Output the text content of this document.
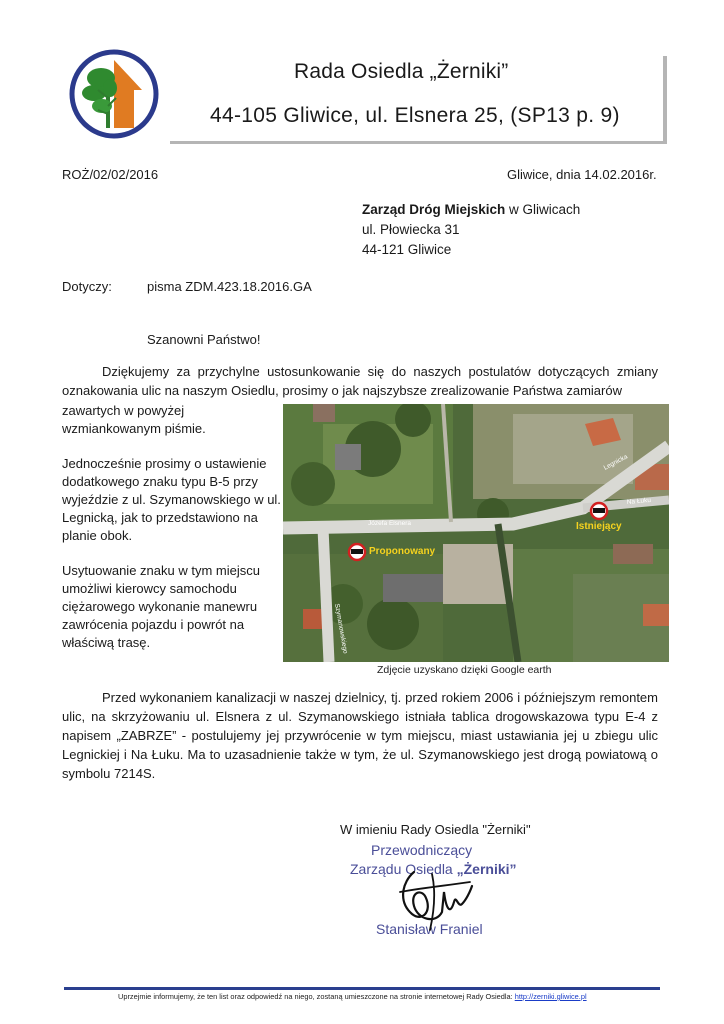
Rada Osiedla „Żerniki”
44-105 Gliwice, ul. Elsnera 25, (SP13 p. 9)
ROŻ/02/02/2016	Gliwice, dnia 14.02.2016r.
Zarząd Dróg Miejskich w Gliwicach
ul. Płowiecka 31
44-121 Gliwice
Dotyczy:	pisma ZDM.423.18.2016.GA
Szanowni Państwo!
Dziękujemy za przychylne ustosunkowanie się do naszych postulatów dotyczących zmiany oznakowania ulic na naszym Osiedlu, prosimy o jak najszybsze zrealizowanie Państwa zamiarów

zawartych w powyżej wzmiankowanym piśmie.

Jednocześnie prosimy o ustawienie dodatkowego znaku typu B-5 przy wyjeździe z ul. Szymanowskiego w ul. Legnicką, jak to przedstawiono na planie obok.

Usytuowanie znaku w tym miejscu umożliwi kierowcy samochodu ciężarowego wykonanie manewru zawrócenia pojazdu i powrót na właściwą trasę.

Józefa Elsnera
Legnicka
Na Łuku
Szymanowskiego
Proponowany
Istniejący
Zdjęcie uzyskano dzięki Google earth
Przed wykonaniem kanalizacji w naszej dzielnicy, tj. przed rokiem 2006 i późniejszym remontem ulic, na skrzyżowaniu ul. Elsnera z ul. Szymanowskiego istniała tablica drogowskazowa typu E-4 z napisem „ZABRZE” - postulujemy jej przywrócenie w tym miejscu, miast ustawiania jej u zbiegu ulic Legnickiej i Na Łuku. Ma to uzasadnienie także w tym, że ul. Szymanowskiego jest drogą powiatową o symbolu 7214S.
W imieniu Rady Osiedla "Żerniki"
Przewodniczący
Zarządu Osiedla „Żerniki”
Stanisław Franiel
Uprzejmie informujemy, że ten list oraz odpowiedź na niego, zostaną umieszczone na stronie internetowej Rady Osiedla: http://zerniki.gliwice.pl
